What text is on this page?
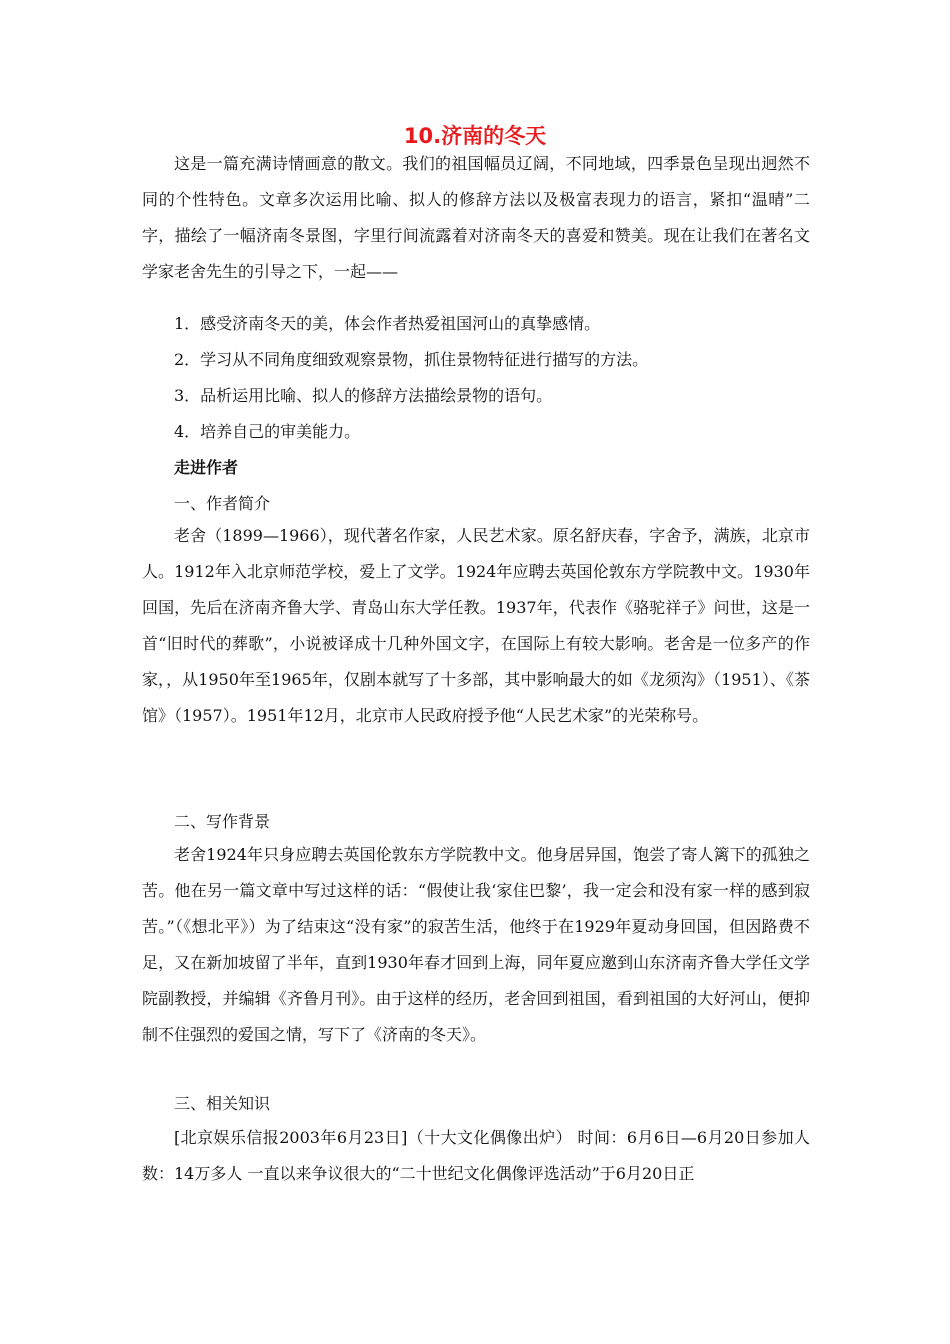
10.济南的冬天

这是一篇充满诗情画意的散文。我们的祖国幅员辽阔，不同地域，四季景色呈现出迥然不同的个性特色。文章多次运用比喻、拟人的修辞方法以及极富表现力的语言，紧扣“温晴”二字，描绘了一幅济南冬景图，字里行间流露着对济南冬天的喜爱和赞美。现在让我们在著名文学家老舍先生的引导之下，一起——

1．感受济南冬天的美，体会作者热爱祖国河山的真挚感情。
2．学习从不同角度细致观察景物，抓住景物特征进行描写的方法。
3．品析运用比喻、拟人的修辞方法描绘景物的语句。
4．培养自己的审美能力。
走进作者
一、作者简介

老舍（1899—1966），现代著名作家，人民艺术家。原名舒庆春，字舍予，满族，北京市人。1912年入北京师范学校，爱上了文学。1924年应聘去英国伦敦东方学院教中文。1930年回国，先后在济南齐鲁大学、青岛山东大学任教。1937年，代表作《骆驼祥子》问世，这是一首“旧时代的葬歌”，小说被译成十几种外国文字，在国际上有较大影响。老舍是一位多产的作家，，从1950年至1965年，仅剧本就写了十多部，其中影响最大的如《龙须沟》（1951）、《茶馆》（1957）。1951年12月，北京市人民政府授予他“人民艺术家”的光荣称号。

二、写作背景

老舍1924年只身应聘去英国伦敦东方学院教中文。他身居异国，饱尝了寄人篱下的孤独之苦。他在另一篇文章中写过这样的话：“假使让我‘家住巴黎’，我一定会和没有家一样的感到寂苦。”（《想北平》）为了结束这“没有家”的寂苦生活，他终于在1929年夏动身回国，但因路费不足，又在新加坡留了半年，直到1930年春才回到上海，同年夏应邀到山东济南齐鲁大学任文学院副教授，并编辑《齐鲁月刊》。由于这样的经历，老舍回到祖国，看到祖国的大好河山，便抑制不住强烈的爱国之情，写下了《济南的冬天》。

三、相关知识

[北京娱乐信报2003年6月23日]（十大文化偶像出炉） 时间：6月6日—6月20日参加人数：14万多人 一直以来争议很大的“二十世纪文化偶像评选活动”于6月20日正
